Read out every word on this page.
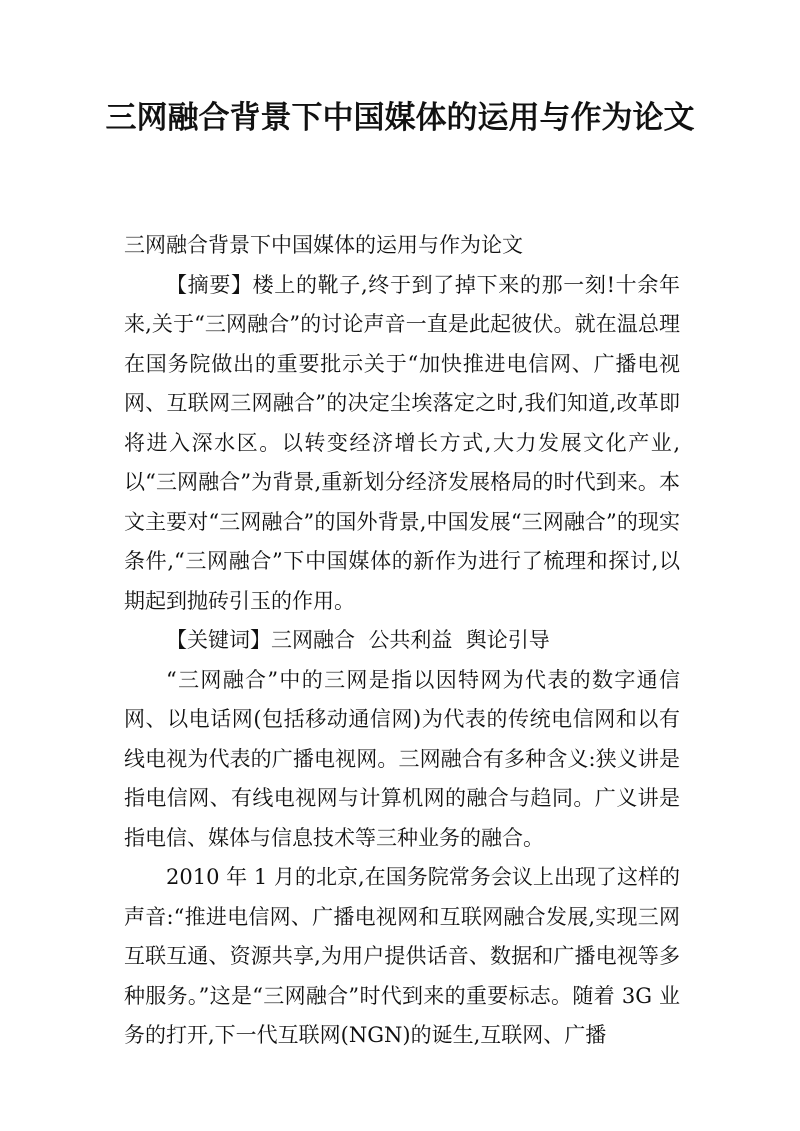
三网融合背景下中国媒体的运用与作为论文

三网融合背景下中国媒体的运用与作为论文

【摘要】楼上的靴子,终于到了掉下来的那一刻!十余年来,关于“三网融合”的讨论声音一直是此起彼伏。就在温总理在国务院做出的重要批示关于“加快推进电信网、广播电视网、互联网三网融合”的决定尘埃落定之时,我们知道,改革即将进入深水区。以转变经济增长方式,大力发展文化产业,以“三网融合”为背景,重新划分经济发展格局的时代到来。本文主要对“三网融合”的国外背景,中国发展“三网融合”的现实条件,“三网融合”下中国媒体的新作为进行了梳理和探讨,以期起到抛砖引玉的作用。

【关键词】三网融合  公共利益  舆论引导

“三网融合”中的三网是指以因特网为代表的数字通信网、以电话网(包括移动通信网)为代表的传统电信网和以有线电视为代表的广播电视网。三网融合有多种含义:狭义讲是指电信网、有线电视网与计算机网的融合与趋同。广义讲是指电信、媒体与信息技术等三种业务的融合。

2010 年 1 月的北京,在国务院常务会议上出现了这样的声音:“推进电信网、广播电视网和互联网融合发展,实现三网互联互通、资源共享,为用户提供话音、数据和广播电视等多种服务。”这是“三网融合”时代到来的重要标志。随着 3G 业务的打开,下一代互联网(NGN)的诞生,互联网、广播
